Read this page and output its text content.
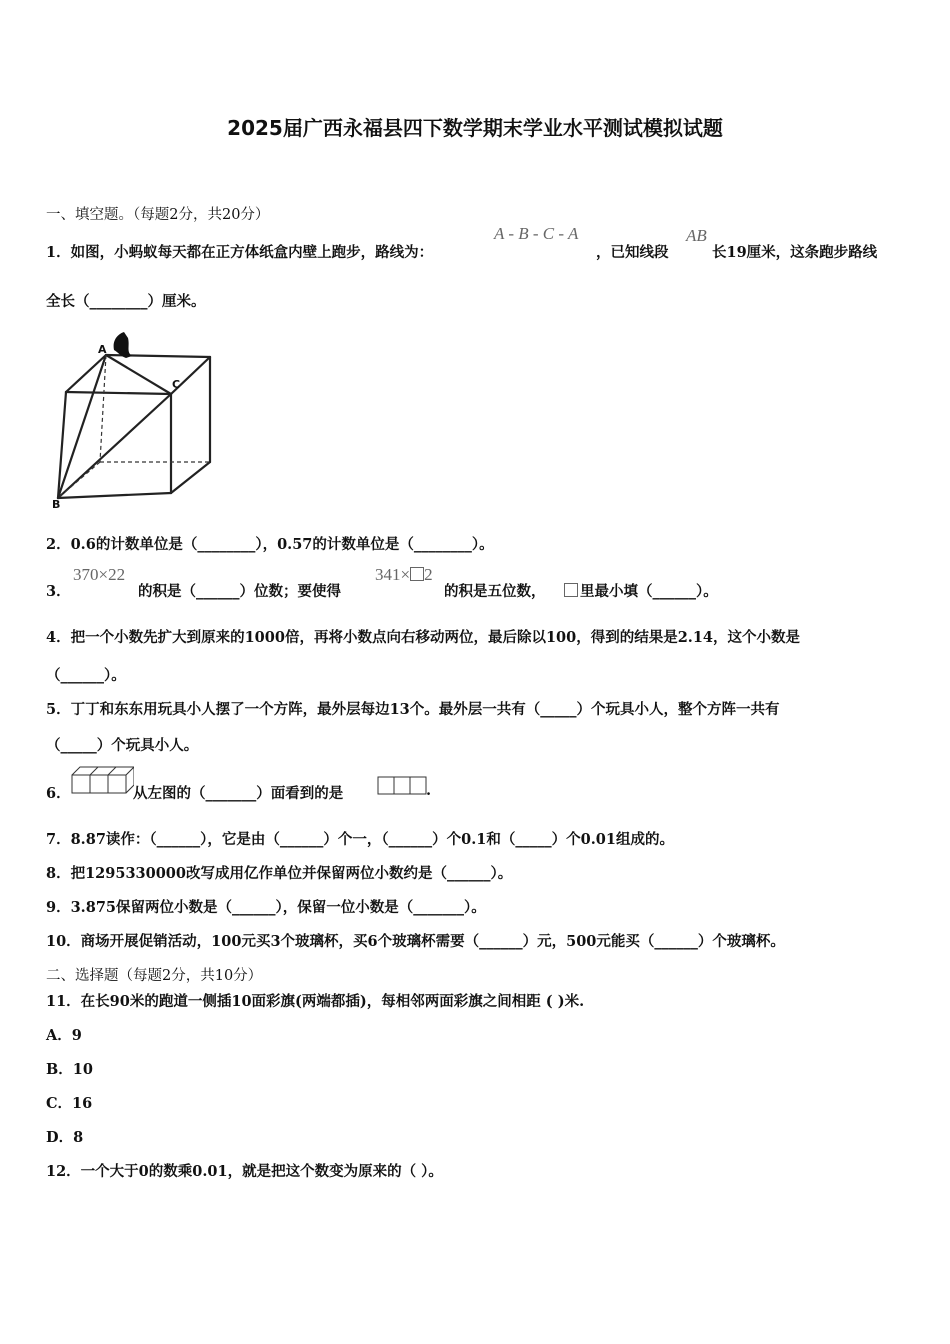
2025届广西永福县四下数学期末学业水平测试模拟试题
一、填空题。（每题2分，共20分）
1．如图，小蚂蚁每天都在正方体纸盒内壁上跑步，路线为：
A - B - C - A
，已知线段
AB
长19厘米，这条跑步路线
全长（________）厘米。
A
C
B
2．0.6的计数单位是（________），0.57的计数单位是（________）。
3．
370×22
的积是（______）位数；要使得
341× 2
的积是五位数， 里最小填（______）。
4．把一个小数先扩大到原来的1000倍，再将小数点向右移动两位，最后除以100，得到的结果是2.14，这个小数是
（______）。
5．丁丁和东东用玩具小人摆了一个方阵，最外层每边13个。最外层一共有（_____）个玩具小人，整个方阵一共有
（_____）个玩具小人。
6．	从左图的（_______）面看到的是	.
7．8.87读作：（______），它是由（______）个一，（______）个0.1和（_____）个0.01组成的。
8．把1295330000改写成用亿作单位并保留两位小数约是（______）。
9．3.875保留两位小数是（______），保留一位小数是（_______）。
10．商场开展促销活动，100元买3个玻璃杯，买6个玻璃杯需要（______）元，500元能买（______）个玻璃杯。
二、选择题（每题2分，共10分）
11．在长90米的跑道一侧插10面彩旗(两端都插)，每相邻两面彩旗之间相距 ( )米.
A．9
B．10
C．16
D．8
12．一个大于0的数乘0.01，就是把这个数变为原来的（ ）。
